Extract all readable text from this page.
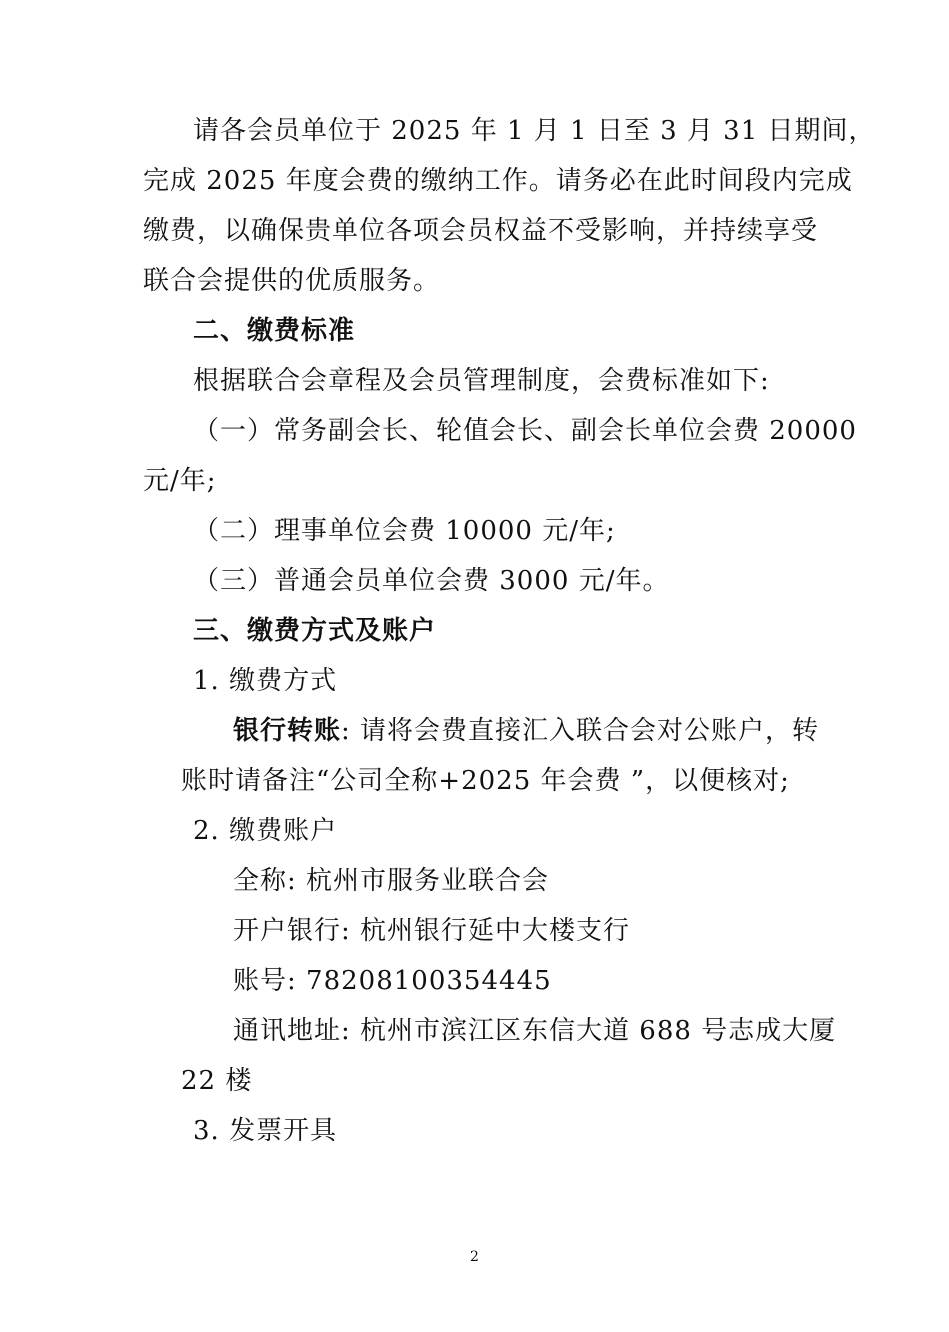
请各会员单位于 2025 年 1 月 1 日至 3 月 31 日期间，
完成 2025 年度会费的缴纳工作。请务必在此时间段内完成
缴费，以确保贵单位各项会员权益不受影响，并持续享受
联合会提供的优质服务。
二、缴费标准
根据联合会章程及会员管理制度，会费标准如下:
（一）常务副会长、轮值会长、副会长单位会费 20000
元/年;
（二）理事单位会费 10000 元/年;
（三）普通会员单位会费 3000 元/年。
三、缴费方式及账户
1. 缴费方式
银行转账: 请将会费直接汇入联合会对公账户，转
账时请备注“公司全称+2025 年会费 ”，以便核对;
2. 缴费账户
全称: 杭州市服务业联合会
开户银行: 杭州银行延中大楼支行
账号: 78208100354445
通讯地址: 杭州市滨江区东信大道 688 号志成大厦
22 楼
3. 发票开具
2
